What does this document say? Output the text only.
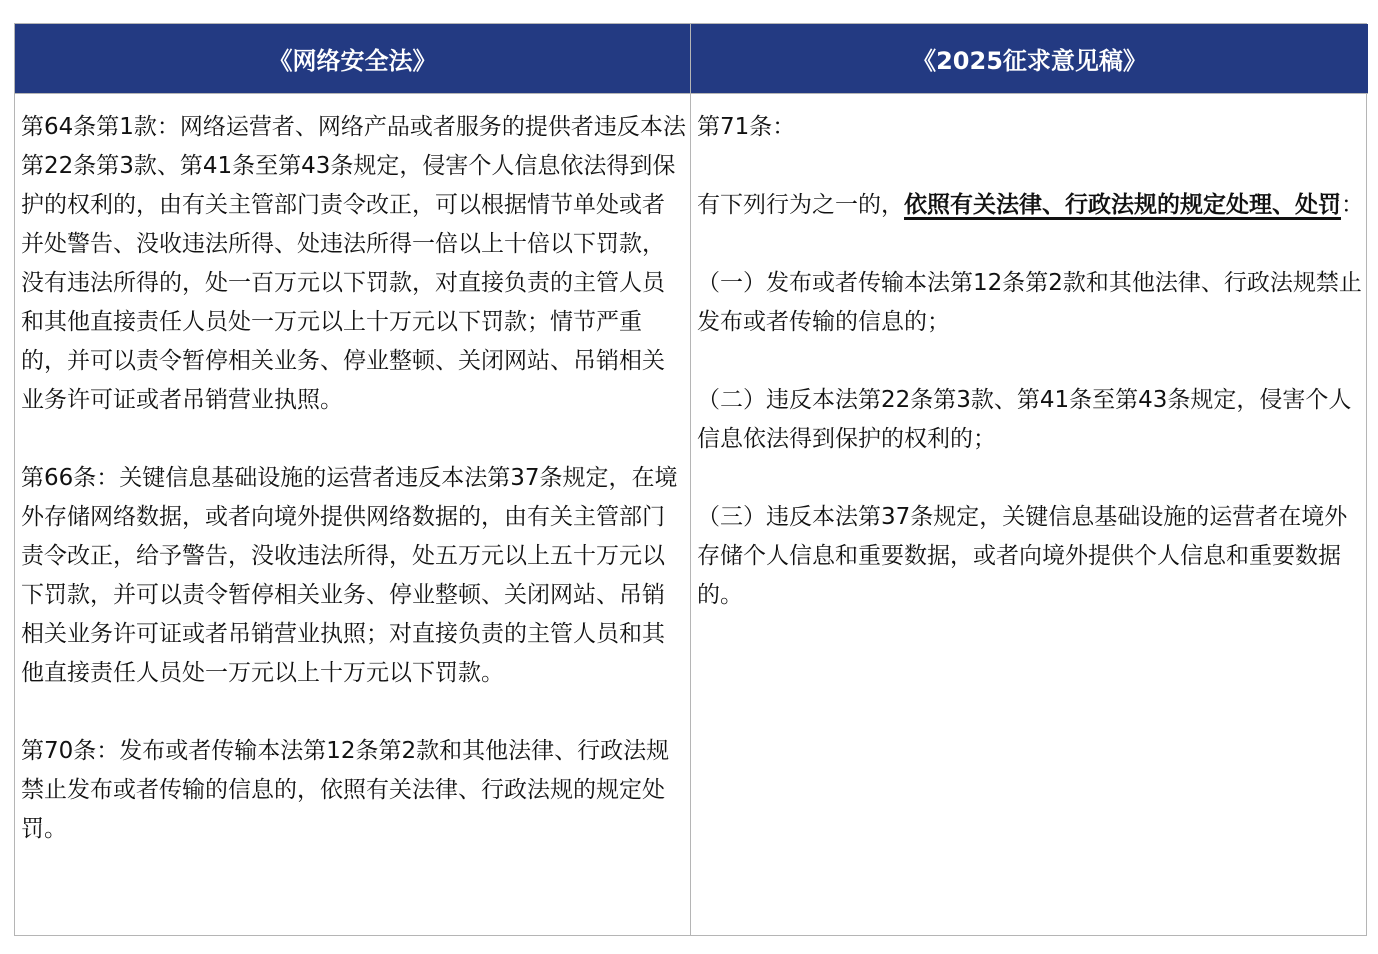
《网络安全法》	《2025征求意见稿》

第64条第1款：网络运营者、网络产品或者服务的提供者违反本法第22条第3款、第41条至第43条规定，侵害个人信息依法得到保护的权利的，由有关主管部门责令改正，可以根据情节单处或者并处警告、没收违法所得、处违法所得一倍以上十倍以下罚款，没有违法所得的，处一百万元以下罚款，对直接负责的主管人员和其他直接责任人员处一万元以上十万元以下罚款；情节严重的，并可以责令暂停相关业务、停业整顿、关闭网站、吊销相关业务许可证或者吊销营业执照。

第66条：关键信息基础设施的运营者违反本法第37条规定，在境外存储网络数据，或者向境外提供网络数据的，由有关主管部门责令改正，给予警告，没收违法所得，处五万元以上五十万元以下罚款，并可以责令暂停相关业务、停业整顿、关闭网站、吊销相关业务许可证或者吊销营业执照；对直接负责的主管人员和其他直接责任人员处一万元以上十万元以下罚款。

第70条：发布或者传输本法第12条第2款和其他法律、行政法规禁止发布或者传输的信息的，依照有关法律、行政法规的规定处罚。

第71条：

有下列行为之一的，依照有关法律、行政法规的规定处理、处罚：

（一）发布或者传输本法第12条第2款和其他法律、行政法规禁止发布或者传输的信息的；

（二）违反本法第22条第3款、第41条至第43条规定，侵害个人信息依法得到保护的权利的；

（三）违反本法第37条规定，关键信息基础设施的运营者在境外存储个人信息和重要数据，或者向境外提供个人信息和重要数据的。
